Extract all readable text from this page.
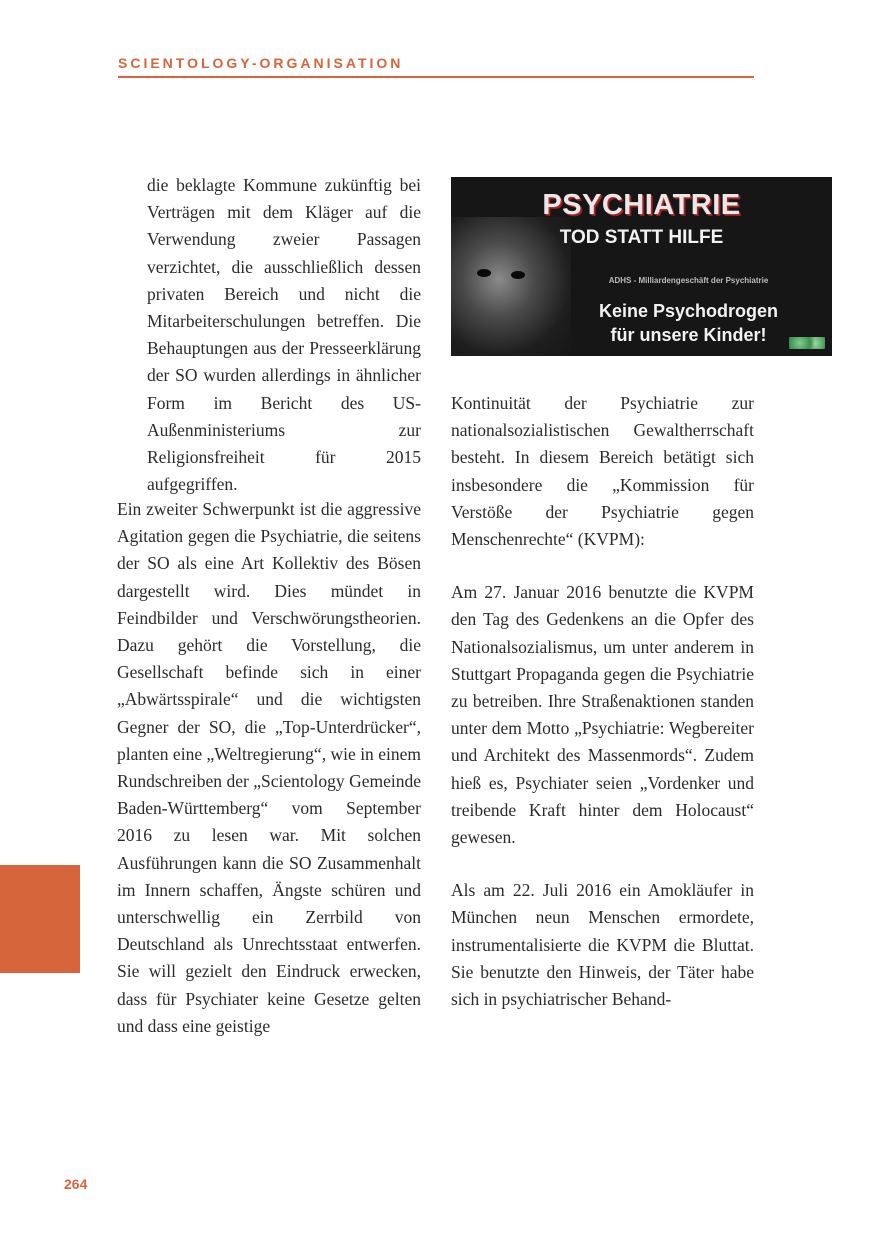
SCIENTOLOGY-ORGANISATION
PSYCHIATRIE
TOD STATT HILFE
ADHS - Milliardengeschäft der Psychiatrie
Keine Psychodrogen
für unsere Kinder!

die beklagte Kommune zukünftig bei Verträgen mit dem Kläger auf die Verwendung zweier Passagen verzichtet, die ausschließlich dessen privaten Bereich und nicht die Mitarbeiterschulungen betreffen. Die Behauptungen aus der Presseerklärung der SO wurden allerdings in ähnlicher Form im Bericht des US-Außenministeriums zur Religionsfreiheit für 2015 aufgegriffen.

Ein zweiter Schwerpunkt ist die aggressive Agitation gegen die Psychiatrie, die seitens der SO als eine Art Kollektiv des Bösen dargestellt wird. Dies mündet in Feindbilder und Verschwörungstheorien. Dazu gehört die Vorstellung, die Gesellschaft befinde sich in einer „Abwärtsspirale“ und die wichtigsten Gegner der SO, die „Top-Unterdrücker“, planten eine „Weltregierung“, wie in einem Rundschreiben der „Scientology Gemeinde Baden-Württemberg“ vom September 2016 zu lesen war. Mit solchen Ausführungen kann die SO Zusammenhalt im Innern schaffen, Ängste schüren und unterschwellig ein Zerrbild von Deutschland als Unrechtsstaat entwerfen. Sie will gezielt den Eindruck erwecken, dass für Psychiater keine Gesetze gelten und dass eine geistige

Kontinuität der Psychiatrie zur nationalsozialistischen Gewaltherrschaft besteht. In diesem Bereich betätigt sich insbesondere die „Kommission für Verstöße der Psychiatrie gegen Menschenrechte“ (KVPM):

Am 27. Januar 2016 benutzte die KVPM den Tag des Gedenkens an die Opfer des Nationalsozialismus, um unter anderem in Stuttgart Propaganda gegen die Psychiatrie zu betreiben. Ihre Straßenaktionen standen unter dem Motto „Psychiatrie: Wegbereiter und Architekt des Massenmords“. Zudem hieß es, Psychiater seien „Vordenker und treibende Kraft hinter dem Holocaust“ gewesen.

Als am 22. Juli 2016 ein Amokläufer in München neun Menschen ermordete, instrumentalisierte die KVPM die Bluttat. Sie benutzte den Hinweis, der Täter habe sich in psychiatrischer Behand-

264
